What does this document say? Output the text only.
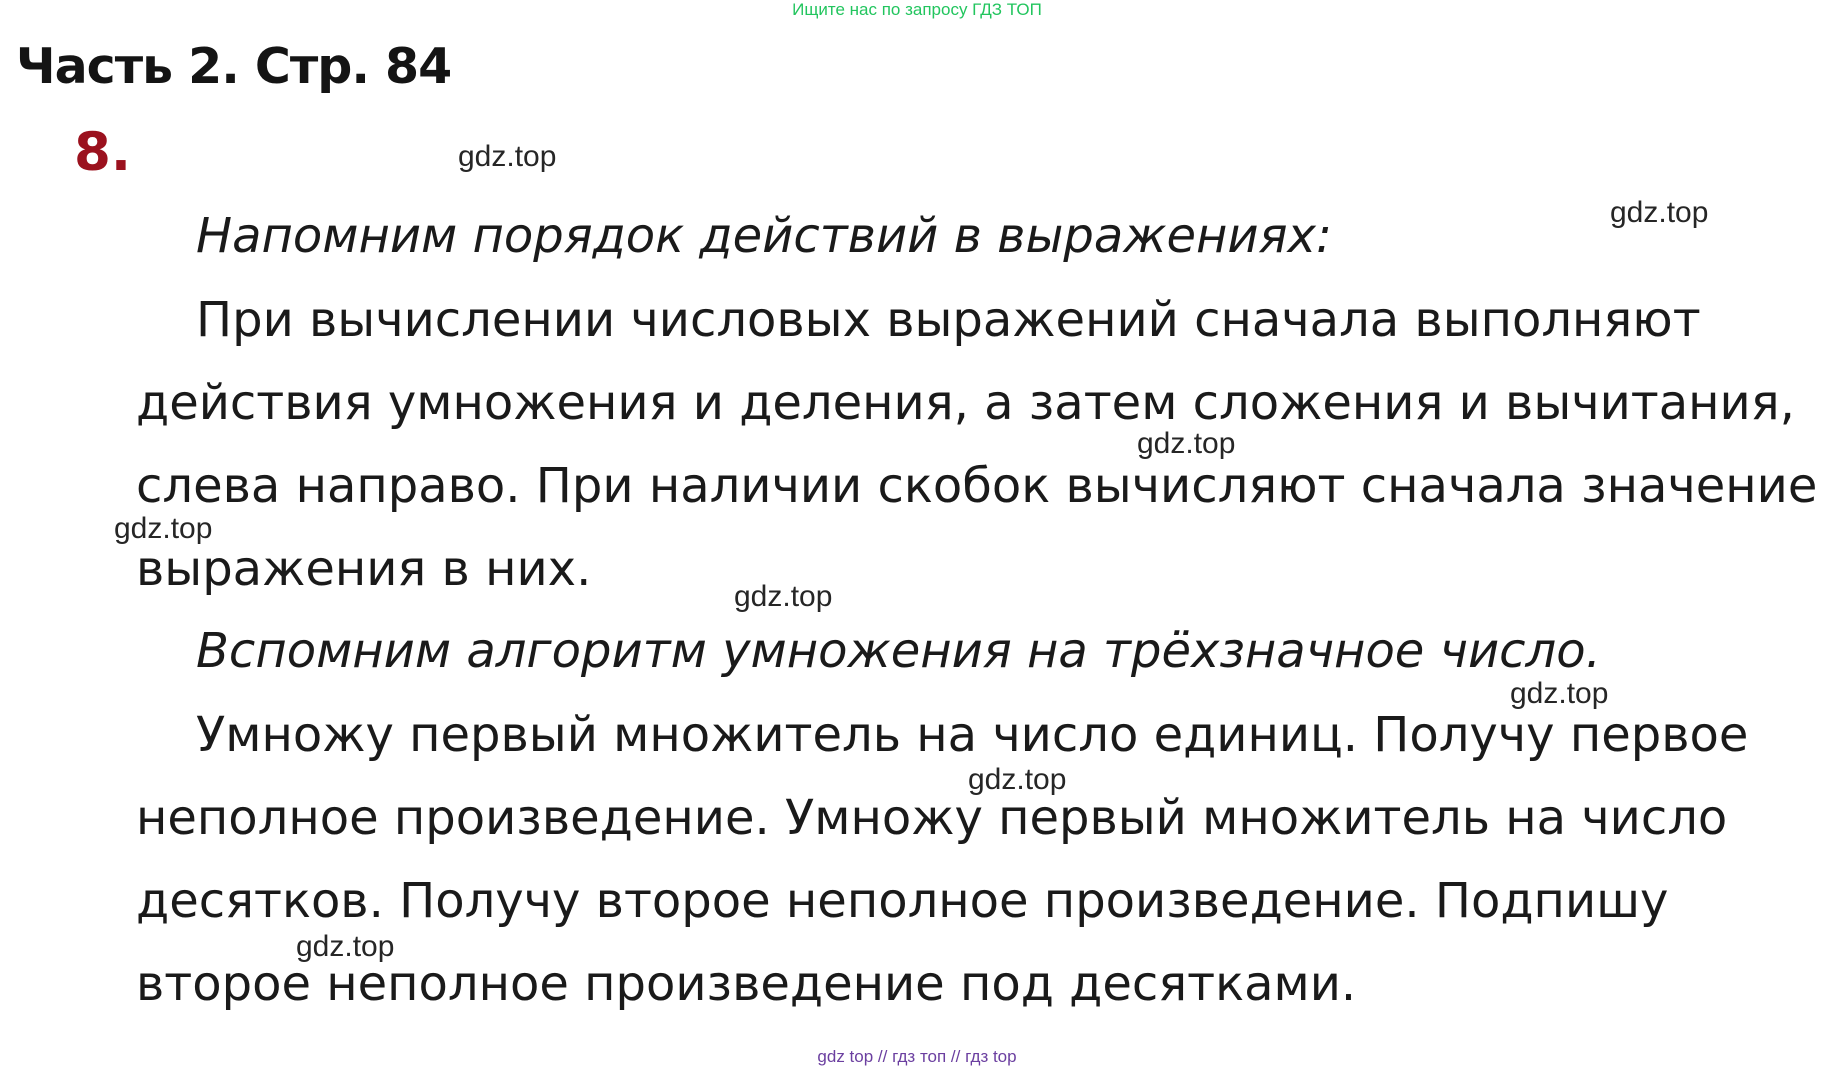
Ищите нас по запросу ГДЗ ТОП
Часть 2. Стр. 84
8.	gdz.top
gdz.top
Напомним порядок действий в выражениях:
При вычислении числовых выражений сначала выполняют
действия умножения и деления, а затем сложения и вычитания,
gdz.top
слева направо. При наличии скобок вычисляют сначала значение
gdz.top
выражения в них.	gdz.top
Вспомним алгоритм умножения на трёхзначное число.
gdz.top
Умножу первый множитель на число единиц. Получу первое
gdz.top
неполное произведение. Умножу первый множитель на число
десятков. Получу второе неполное произведение. Подпишу
gdz.top
второе неполное произведение под десятками.
gdz top // гдз топ // гдз top
